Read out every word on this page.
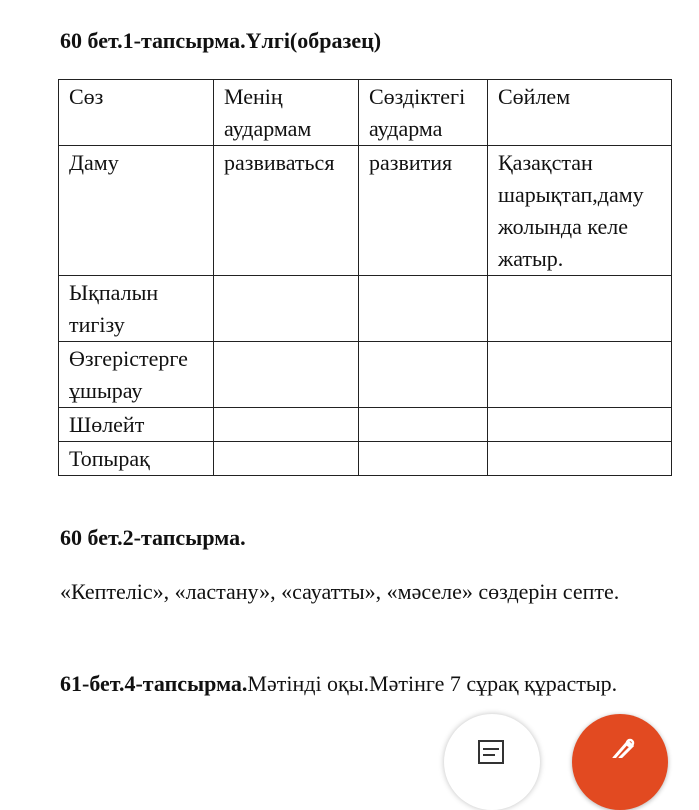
60 бет.1-тапсырма.Үлгі(образец)
Сөз	Менің аудармам	Сөздіктегі аударма	Сөйлем
Даму	развиваться	развития	Қазақстан шарықтап,даму жолында келе жатыр.
Ықпалын тигізу			
Өзгерістерге ұшырау			
Шөлейт			
Топырақ			
60 бет.2-тапсырма.
«Кептеліс», «ластану», «сауатты», «мәселе» сөздерін септе.
61-бет.4-тапсырма.Мәтінді оқы.Мәтінге 7 сұрақ құрастыр.
